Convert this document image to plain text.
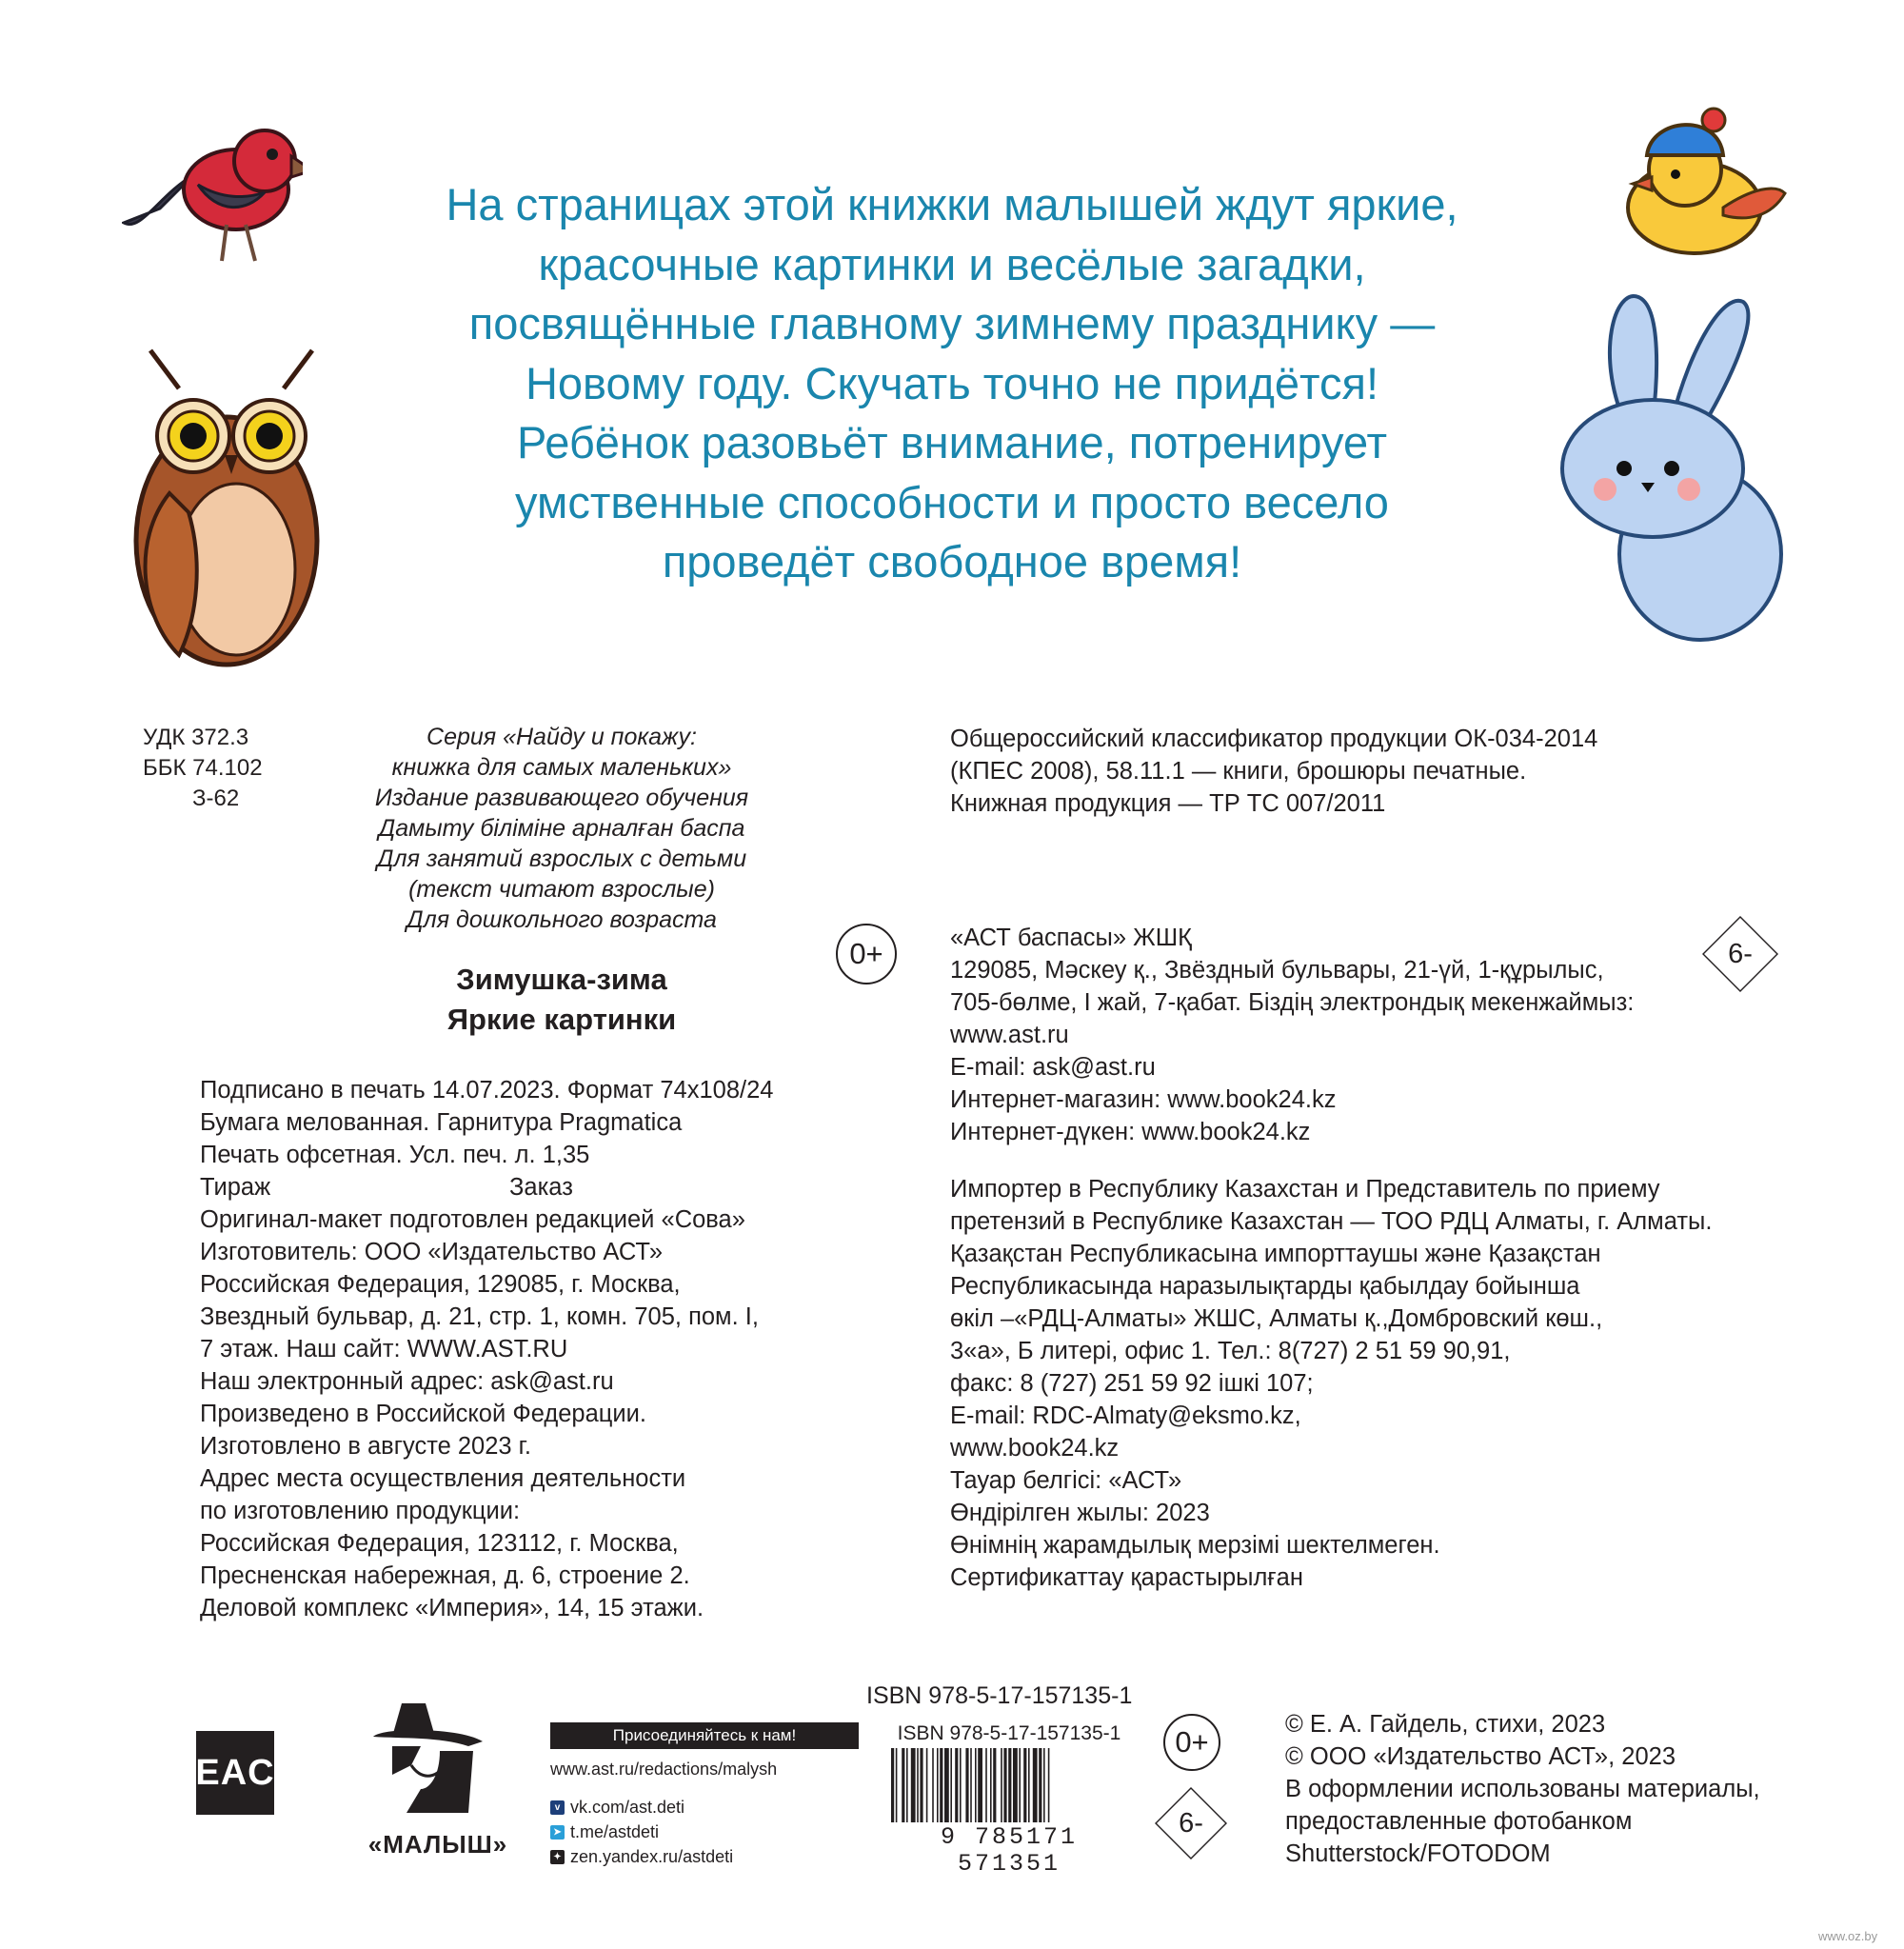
На страницах этой книжки малышей ждут яркие,
красочные картинки и весёлые загадки,
посвящённые главному зимнему празднику —
Новому году. Скучать точно не придётся!
Ребёнок разовьёт внимание, потренирует
умственные способности и просто весело
проведёт свободное время!
УДК 372.3
ББК 74.102
З-62
Серия «Найду и покажу:
книжка для самых маленьких»
Издание развивающего обучения
Дамыту біліміне арналған баспа
Для занятий взрослых с детьми
(текст читают взрослые)
Для дошкольного возраста
Зимушка-зима
Яркие картинки
0+	6-
Общероссийский классификатор продукции ОК-034-2014
(КПЕС 2008), 58.11.1 — книги, брошюры печатные.
Книжная продукция — ТР ТС 007/2011
«АСТ баспасы» ЖШҚ
129085, Мәскеу қ., Звёздный бульвары, 21-үй, 1-құрылыс,
705-бөлме, I жай, 7-қабат. Біздің электрондық мекенжаймыз:
www.ast.ru
E-mail: ask@ast.ru
Интернет-магазин: www.book24.kz
Интернет-дүкен: www.book24.kz
Подписано в печать 14.07.2023. Формат 74х108/24
Бумага мелованная. Гарнитура Pragmatica
Печать офсетная. Усл. печ. л. 1,35
Тираж	Заказ
Оригинал-макет подготовлен редакцией «Сова»
Изготовитель: ООО «Издательство АСТ»
Российская Федерация, 129085, г. Москва,
Звездный бульвар, д. 21, стр. 1, комн. 705, пом. I,
7 этаж. Наш сайт: WWW.AST.RU
Наш электронный адрес: ask@ast.ru
Произведено в Российской Федерации.
Изготовлено в августе 2023 г.
Адрес места осуществления деятельности
по изготовлению продукции:
Российская Федерация, 123112, г. Москва,
Пресненская набережная, д. 6, строение 2.
Деловой комплекс «Империя», 14, 15 этажи.
Импортер в Республику Казахстан и Представитель по приему
претензий в Республике Казахстан — ТОО РДЦ Алматы, г. Алматы.
Қазақстан Республикасына импорттаушы және Қазақстан
Республикасында наразылықтарды қабылдау бойынша
өкіл –«РДЦ-Алматы» ЖШС, Алматы қ.,Домбровский көш.,
3«а», Б литері, офис 1. Тел.: 8(727) 2 51 59 90,91,
факс: 8 (727) 251 59 92 ішкі 107;
E-mail: RDC-Almaty@eksmo.kz,
www.book24.kz
Тауар белгісі: «АСТ»
Өндірілген жылы: 2023
Өнімнің жарамдылық мерзімі шектелмеген.
Сертификаттау қарастырылған
ISBN 978-5-17-157135-1
EAC
«МАЛЫШ»
Присоединяйтесь к нам!
www.ast.ru/redactions/malysh
v vk.com/ast.deti
➤ t.me/astdeti
✦ zen.yandex.ru/astdeti
ISBN 978-5-17-157135-1
9 785171 571351
0+
6-
© Е. А. Гайдель, стихи, 2023
© ООО «Издательство АСТ», 2023
В оформлении использованы материалы,
предоставленные фотобанком
Shutterstock/FOTODOM
www.oz.by
